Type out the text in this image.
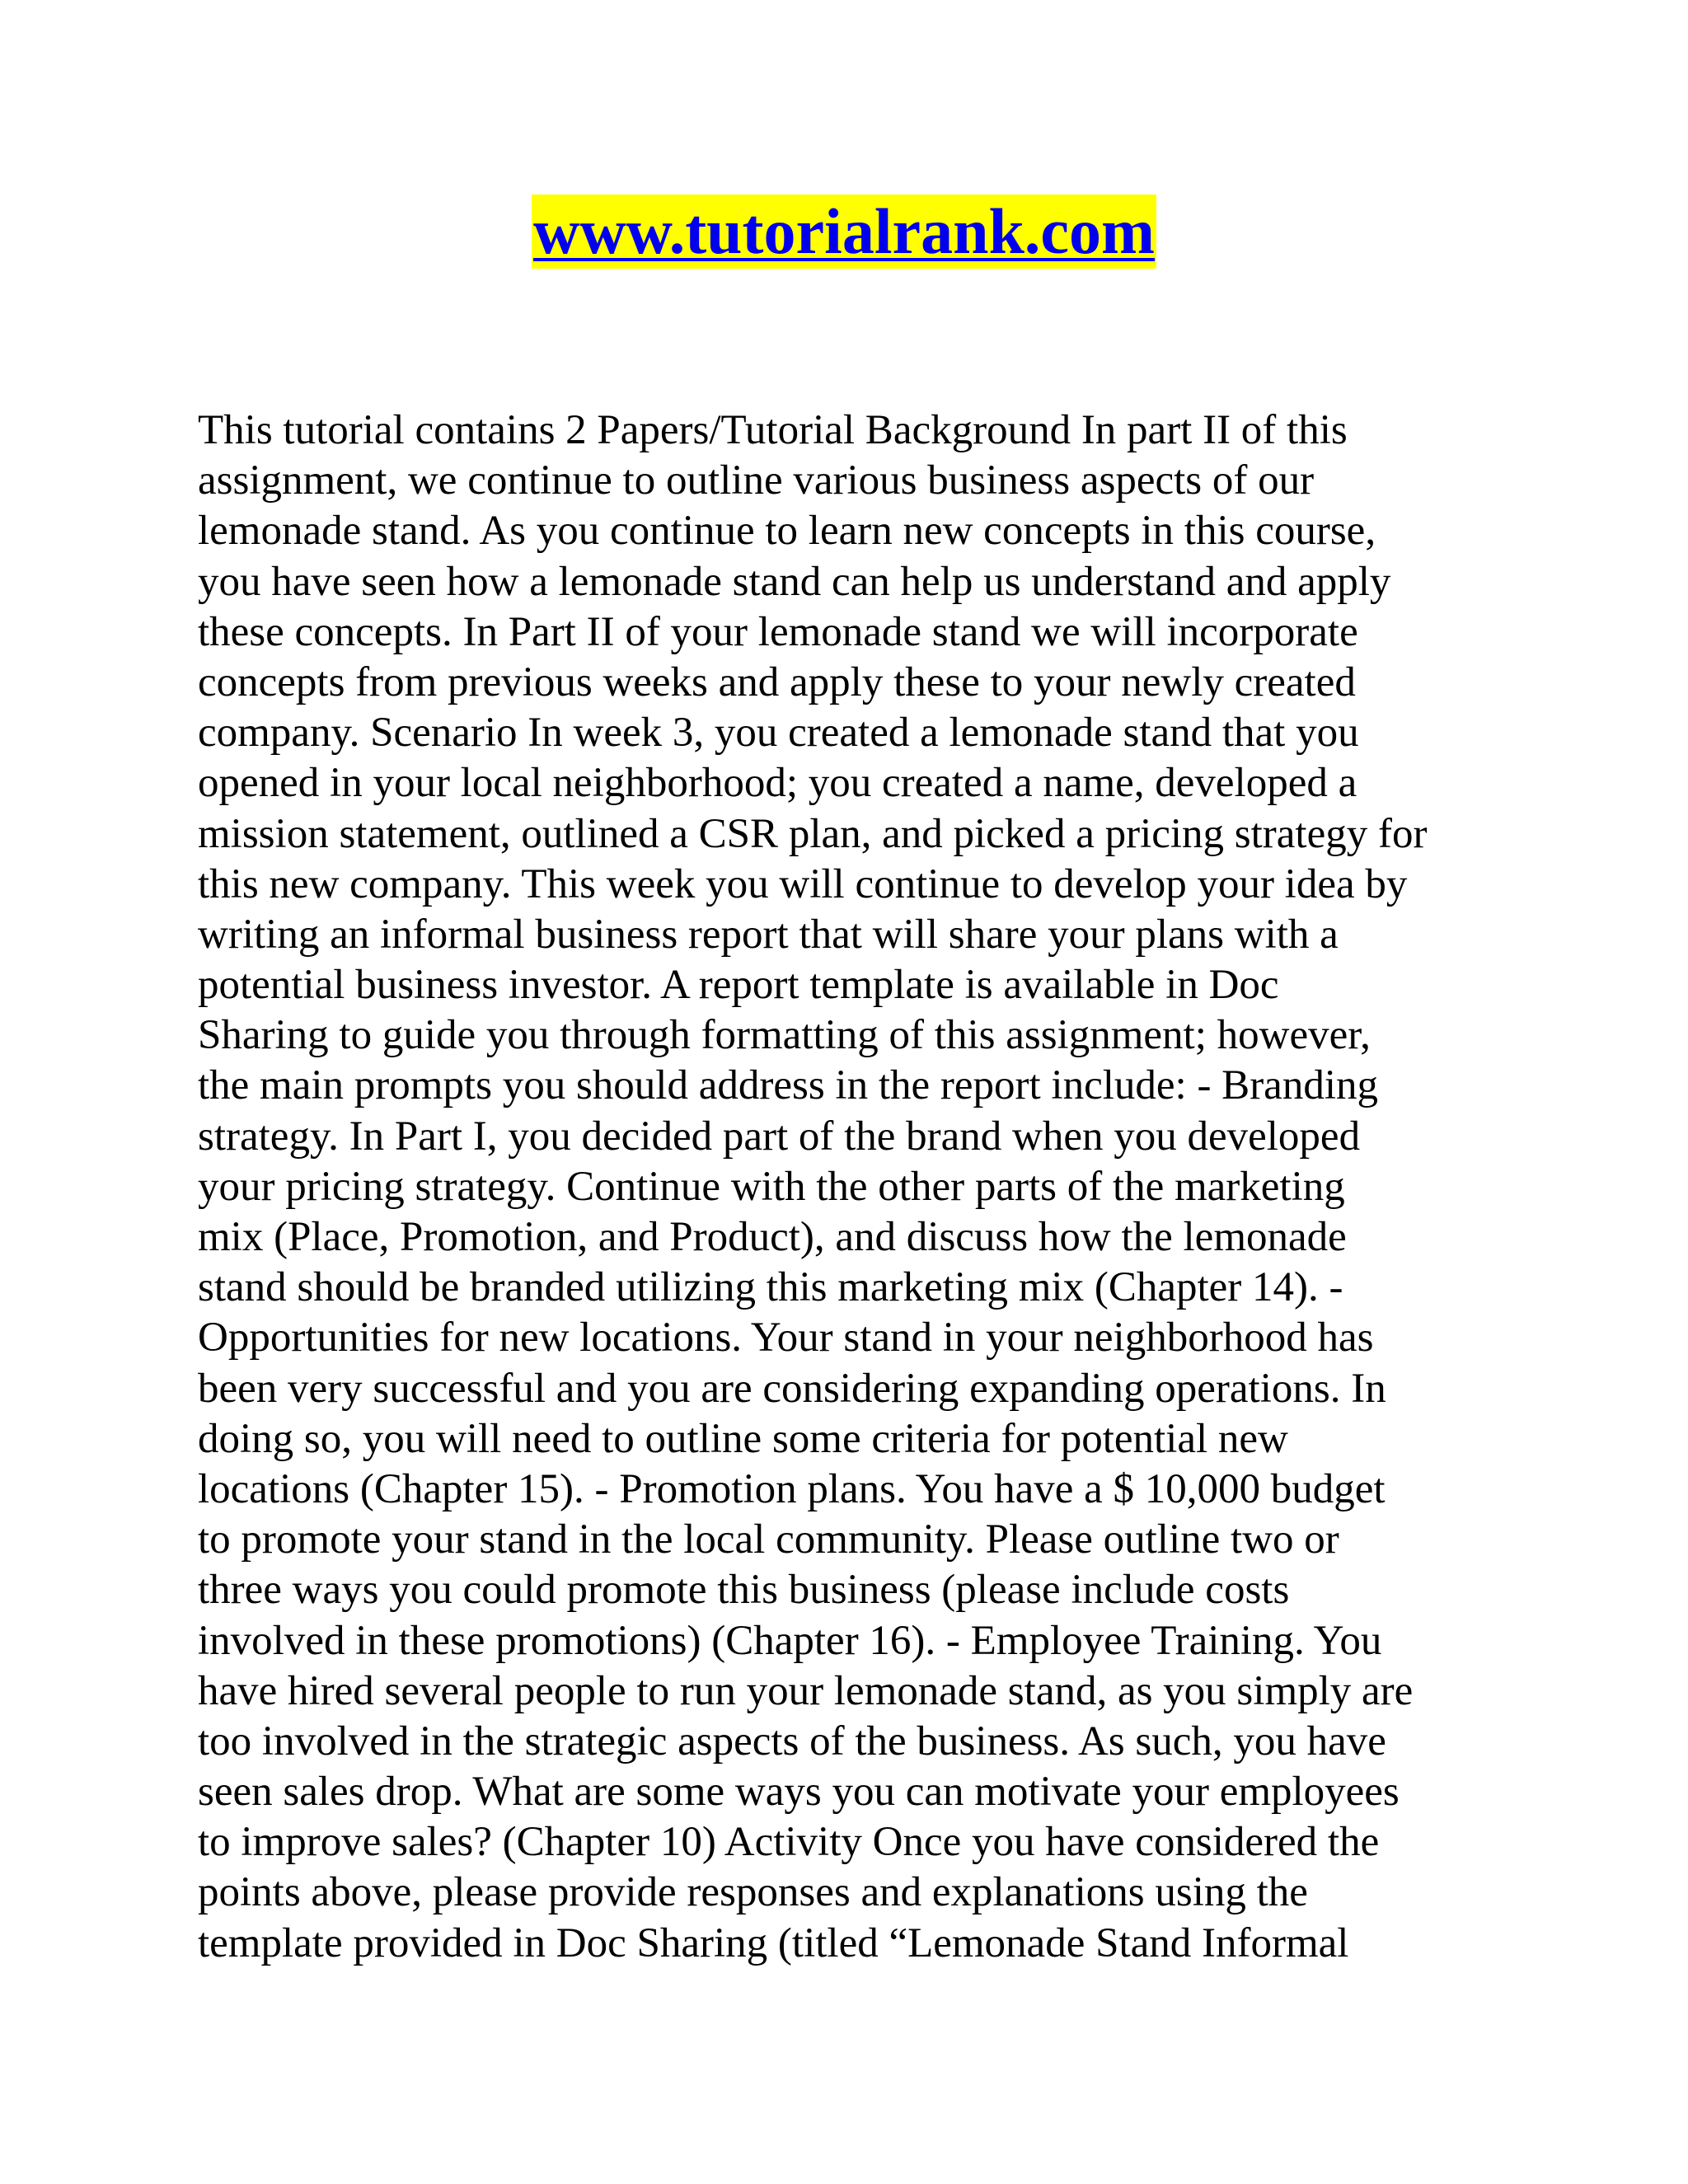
www.tutorialrank.com
This tutorial contains 2 Papers/Tutorial Background In part II of this
assignment, we continue to outline various business aspects of our
lemonade stand. As you continue to learn new concepts in this course,
you have seen how a lemonade stand can help us understand and apply
these concepts. In Part II of your lemonade stand we will incorporate
concepts from previous weeks and apply these to your newly created
company. Scenario In week 3, you created a lemonade stand that you
opened in your local neighborhood; you created a name, developed a
mission statement, outlined a CSR plan, and picked a pricing strategy for
this new company. This week you will continue to develop your idea by
writing an informal business report that will share your plans with a
potential business investor. A report template is available in Doc
Sharing to guide you through formatting of this assignment; however,
the main prompts you should address in the report include: - Branding
strategy. In Part I, you decided part of the brand when you developed
your pricing strategy. Continue with the other parts of the marketing
mix (Place, Promotion, and Product), and discuss how the lemonade
stand should be branded utilizing this marketing mix (Chapter 14). -
Opportunities for new locations. Your stand in your neighborhood has
been very successful and you are considering expanding operations. In
doing so, you will need to outline some criteria for potential new
locations (Chapter 15). - Promotion plans. You have a $ 10,000 budget
to promote your stand in the local community. Please outline two or
three ways you could promote this business (please include costs
involved in these promotions) (Chapter 16). - Employee Training. You
have hired several people to run your lemonade stand, as you simply are
too involved in the strategic aspects of the business. As such, you have
seen sales drop. What are some ways you can motivate your employees
to improve sales? (Chapter 10) Activity Once you have considered the
points above, please provide responses and explanations using the
template provided in Doc Sharing (titled “Lemonade Stand Informal
